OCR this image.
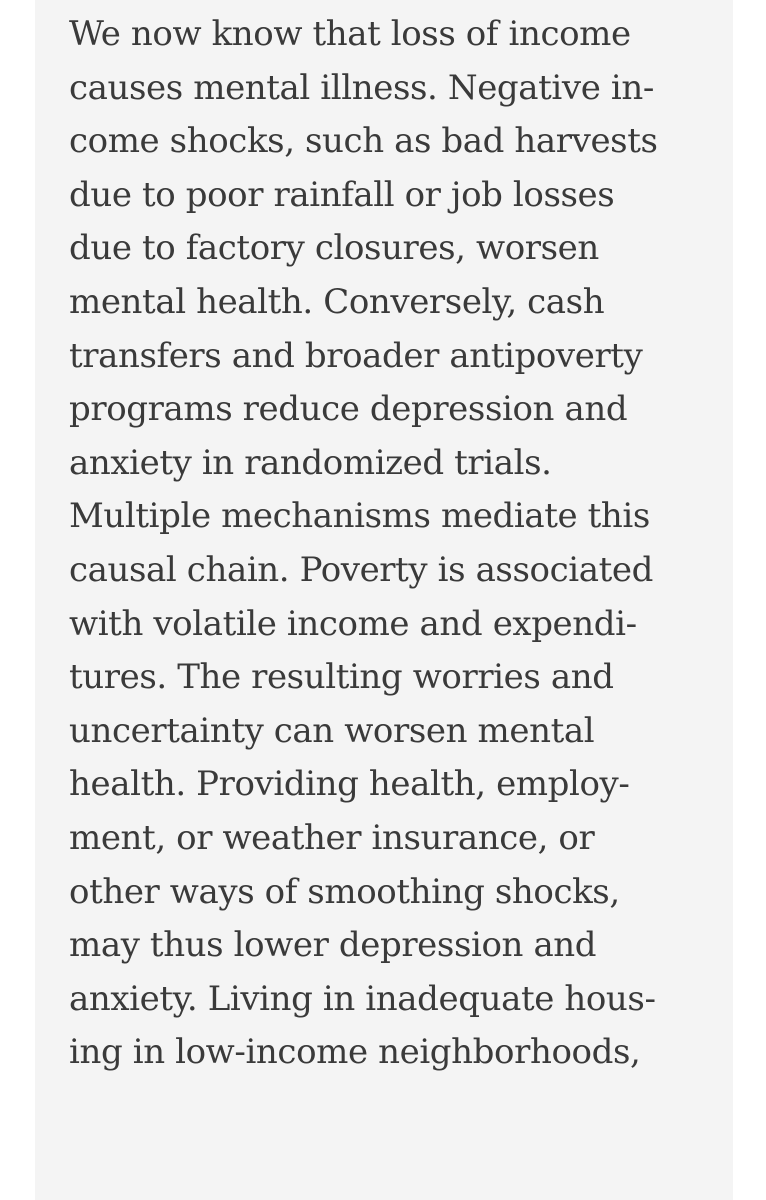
We now know that loss of income
causes mental illness. Negative in-
come shocks, such as bad harvests
due to poor rainfall or job losses
due to factory closures, worsen
mental health. Conversely, cash
transfers and broader antipoverty
programs reduce depression and
anxiety in randomized trials.
Multiple mechanisms mediate this
causal chain. Poverty is associated
with volatile income and expendi-
tures. The resulting worries and
uncertainty can worsen mental
health. Providing health, employ-
ment, or weather insurance, or
other ways of smoothing shocks,
may thus lower depression and
anxiety. Living in inadequate hous-
ing in low-income neighborhoods,
